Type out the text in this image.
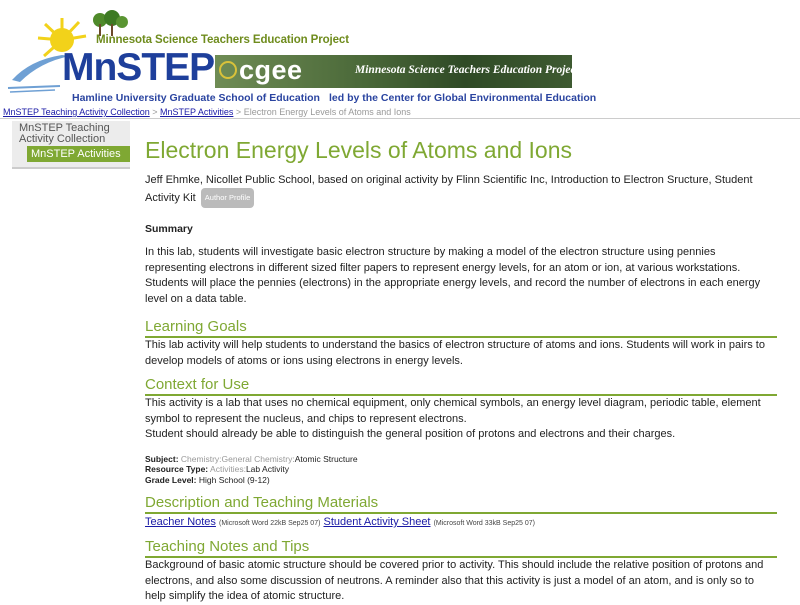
Minnesota Science Teachers Education Project
MnSTEP
Hamline University Graduate School of Education
cgee	Minnesota Science Teachers Education Project
led by the Center for Global Environmental Education
MnSTEP Teaching Activity Collection > MnSTEP Activities > Electron Energy Levels of Atoms and Ions
MnSTEP Teaching Activity Collection
MnSTEP Activities	Electron Energy Levels of Atoms and Ions
Jeff Ehmke, Nicollet Public School, based on original activity by Flinn Scientific Inc, Introduction to Electron Sructure, Student Activity Kit Author Profile
Summary
In this lab, students will investigate basic electron structure by making a model of the electron structure using pennies representing electrons in different sized filter papers to represent energy levels, for an atom or ion, at various workstations. Students will place the pennies (electrons) in the appropriate energy levels, and record the number of electrons in each energy level on a data table.
Learning Goals
This lab activity will help students to understand the basics of electron structure of atoms and ions. Students will work in pairs to develop models of atoms or ions using electrons in energy levels.
Context for Use
This activity is a lab that uses no chemical equipment, only chemical symbols, an energy level diagram, periodic table, element symbol to represent the nucleus, and chips to represent electrons.
Student should already be able to distinguish the general position of protons and electrons and their charges.
Subject: Chemistry:General Chemistry:Atomic Structure
Resource Type: Activities:Lab Activity
Grade Level: High School (9-12)
Description and Teaching Materials
Teacher Notes (Microsoft Word 22kB Sep25 07) Student Activity Sheet (Microsoft Word 33kB Sep25 07)
Teaching Notes and Tips
Background of basic atomic structure should be covered prior to activity. This should include the relative position of protons and electrons, and also some discussion of neutrons. A reminder also that this activity is just a model of an atom, and is only so to help simplify the idea of atomic structure.
